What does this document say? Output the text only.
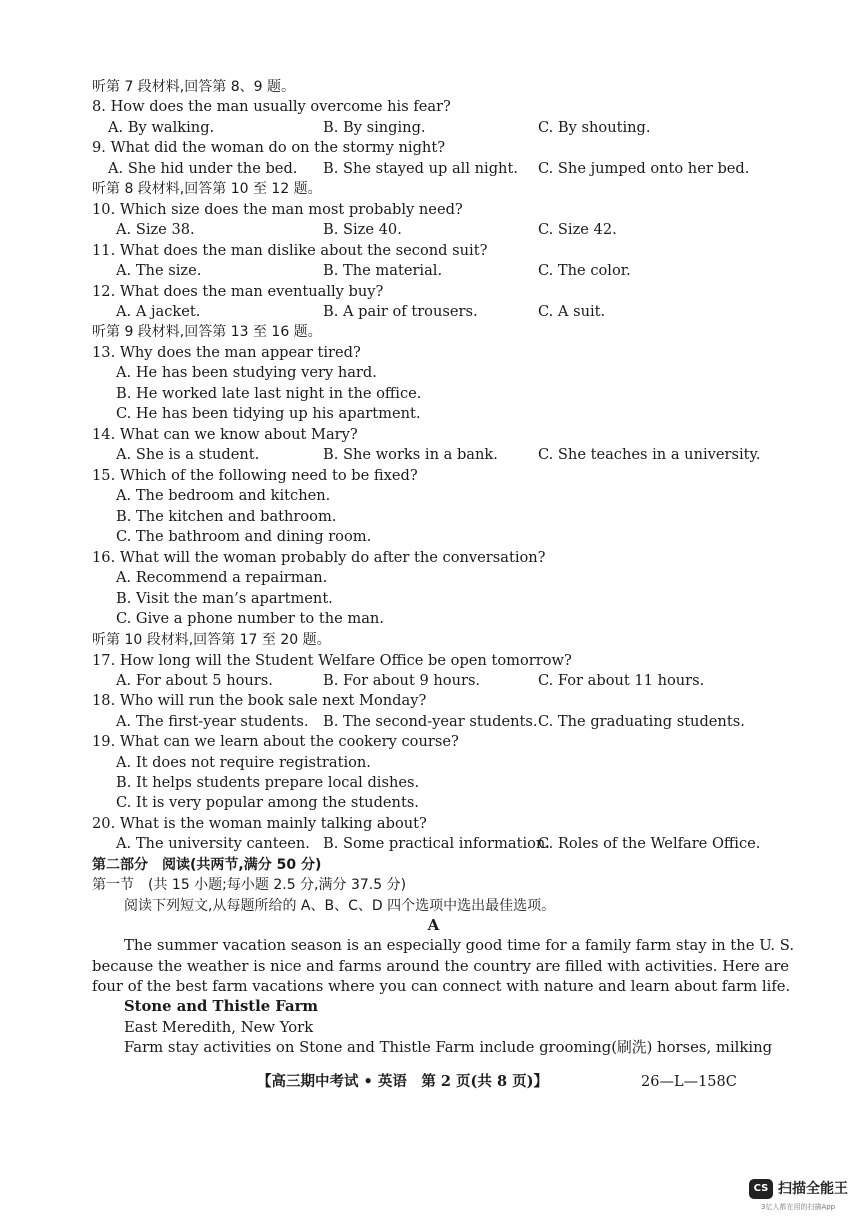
听第 7 段材料,回答第 8、9 题。
8. How does the man usually overcome his fear?
A. By walking.	B. By singing.	C. By shouting.
9. What did the woman do on the stormy night?
A. She hid under the bed. B. She stayed up all night. C. She jumped onto her bed.
听第 8 段材料,回答第 10 至 12 题。
10. Which size does the man most probably need?
A. Size 38.	B. Size 40.	C. Size 42.
11. What does the man dislike about the second suit?
A. The size.	B. The material.	C. The color.
12. What does the man eventually buy?
A. A jacket.	B. A pair of trousers.	C. A suit.
听第 9 段材料,回答第 13 至 16 题。
13. Why does the man appear tired?
A. He has been studying very hard.
B. He worked late last night in the office.
C. He has been tidying up his apartment.
14. What can we know about Mary?
A. She is a student.	B. She works in a bank.	C. She teaches in a university.
15. Which of the following need to be fixed?
A. The bedroom and kitchen.
B. The kitchen and bathroom.
C. The bathroom and dining room.
16. What will the woman probably do after the conversation?
A. Recommend a repairman.
B. Visit the man’s apartment.
C. Give a phone number to the man.
听第 10 段材料,回答第 17 至 20 题。
17. How long will the Student Welfare Office be open tomorrow?
A. For about 5 hours.	B. For about 9 hours.	C. For about 11 hours.
18. Who will run the book sale next Monday?
A. The first-year students. B. The second-year students. C. The graduating students.
19. What can we learn about the cookery course?
A. It does not require registration.
B. It helps students prepare local dishes.
C. It is very popular among the students.
20. What is the woman mainly talking about?
A. The university canteen. B. Some practical information.
C. Roles of the Welfare Office.
第二部分　阅读(共两节,满分 50 分)
第一节　(共 15 小题;每小题 2.5 分,满分 37.5 分)
阅读下列短文,从每题所给的 A、B、C、D 四个选项中选出最佳选项。
The summer vacation season is an especially good time for a family farm stay in the U. S.
because the weather is nice and farms around the country are filled with activities. Here are
four of the best farm vacations where you can connect with nature and learn about farm life.
Stone and Thistle Farm
East Meredith, New York
Farm stay activities on Stone and Thistle Farm include grooming(刷洗) horses, milking
A
【高三期中考试 • 英语　第 2 页(共 8 页)】	26—L—158C
CS 扫描全能王
3亿人都在用的扫描App
